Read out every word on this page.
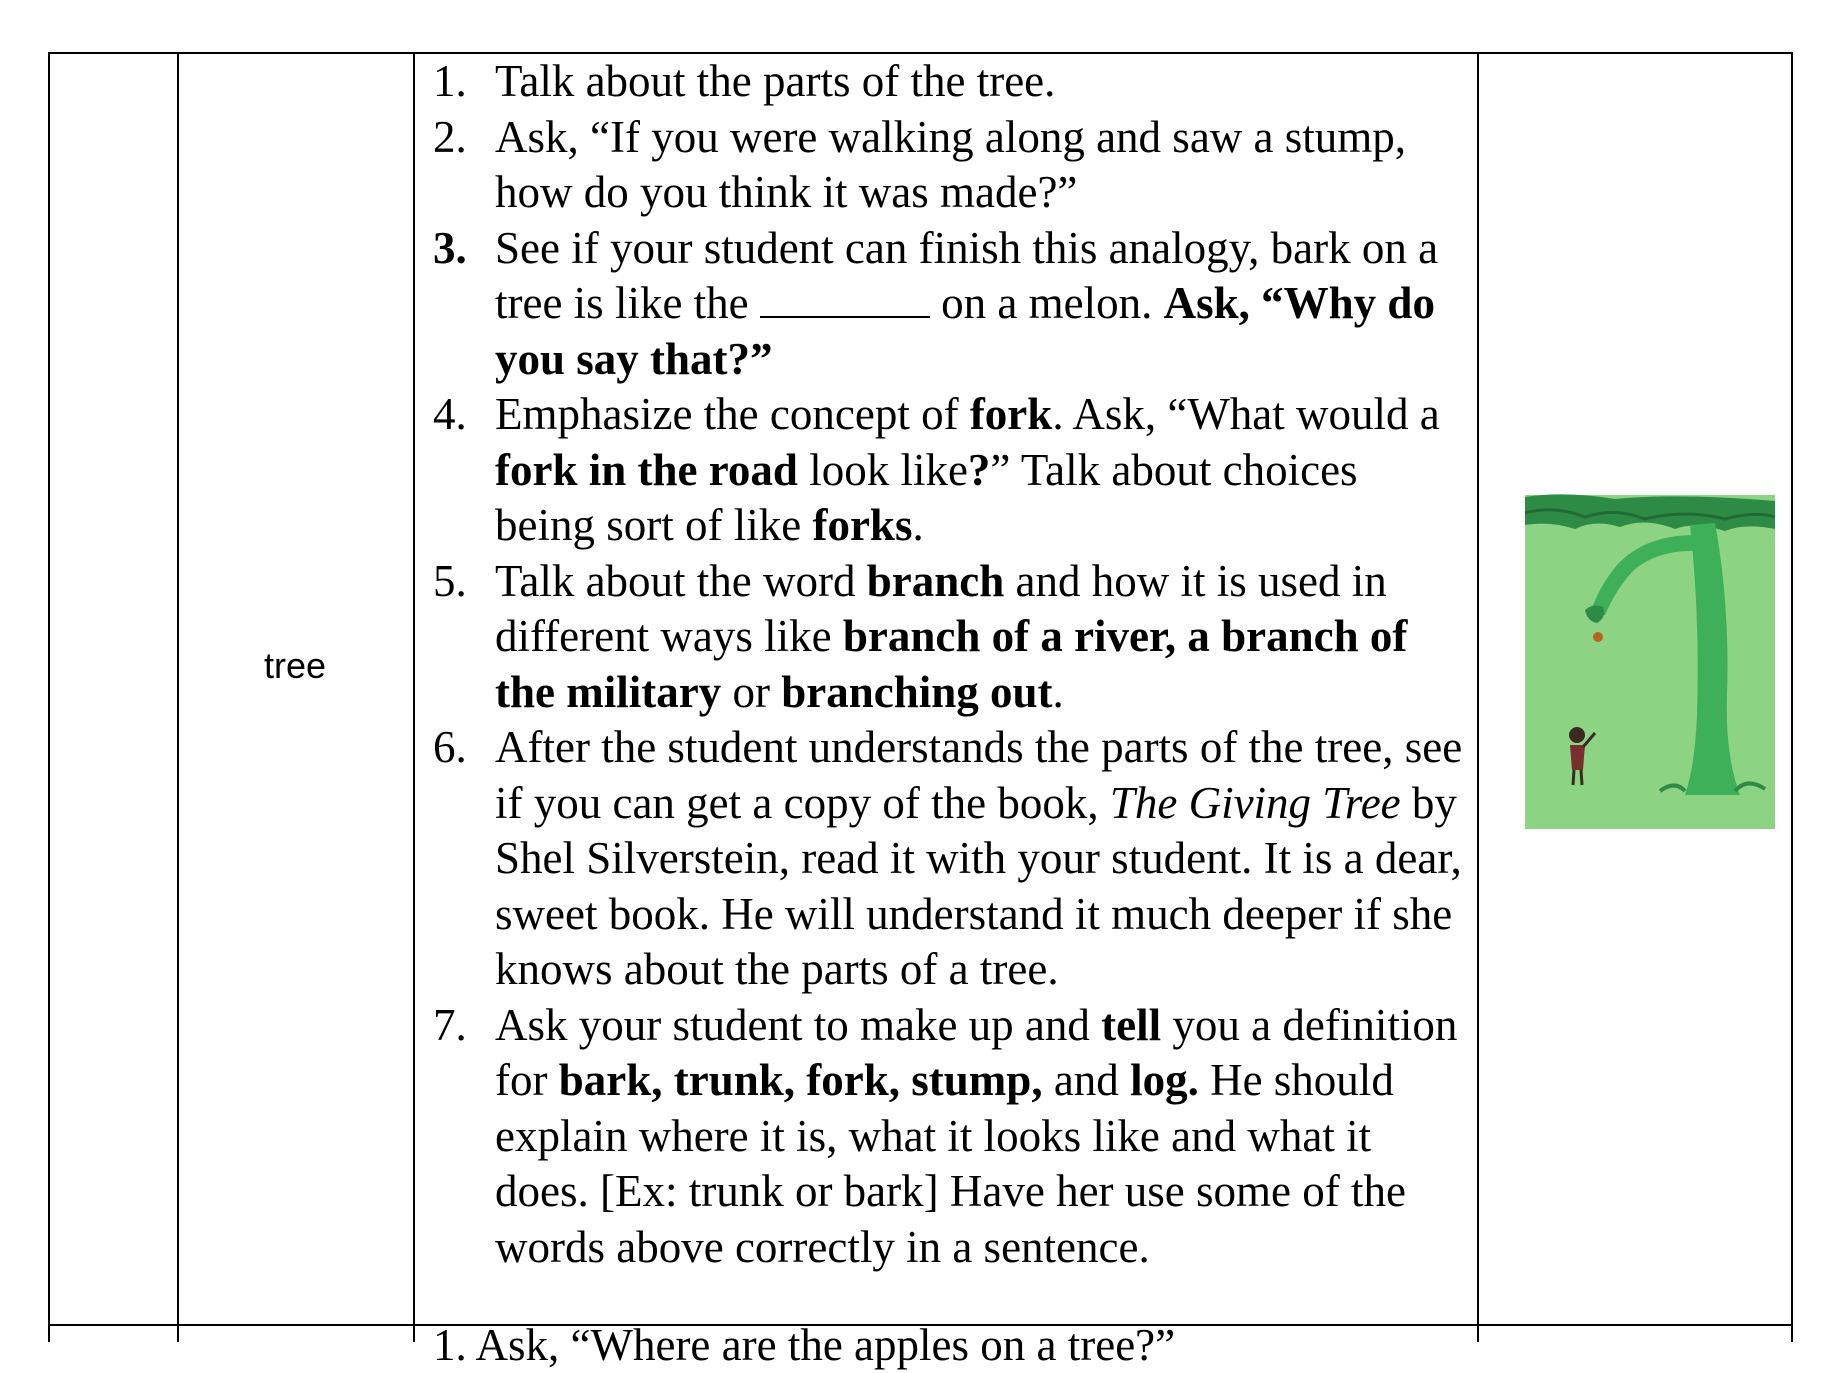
tree
1. Talk about the parts of the tree.
2. Ask, “If you were walking along and saw a stump, how do you think it was made?”
3. See if your student can finish this analogy, bark on a tree is like the	on a melon. Ask, “Why do you say that?”
4. Emphasize the concept of fork. Ask, “What would a fork in the road look like?” Talk about choices being sort of like forks.
5. Talk about the word branch and how it is used in different ways like branch of a river, a branch of the military or branching out.
6. After the student understands the parts of the tree, see if you can get a copy of the book, The Giving Tree by Shel Silverstein, read it with your student. It is a dear, sweet book. He will understand it much deeper if she knows about the parts of a tree.
7. Ask your student to make up and tell you a definition for bark, trunk, fork, stump, and log. He should explain where it is, what it looks like and what it does. [Ex: trunk or bark] Have her use some of the words above correctly in a sentence.
1. Ask, “Where are the apples on a tree?”
